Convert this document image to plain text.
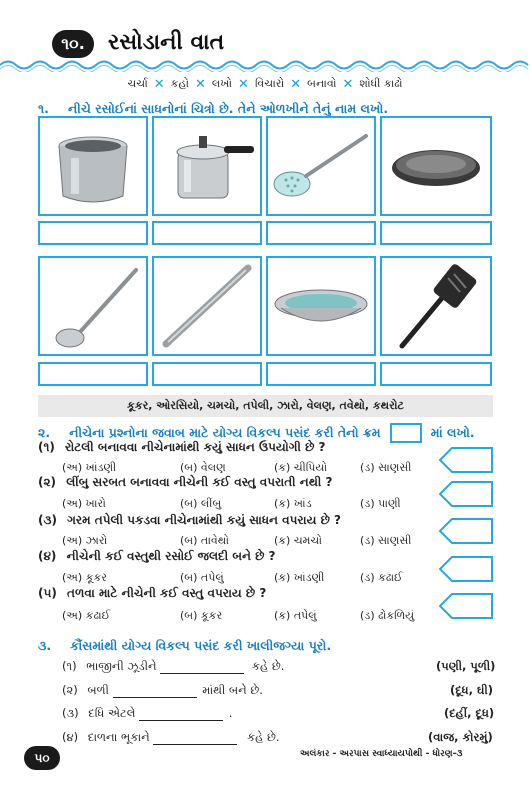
૧૦.	રસોડાની વાત
ચર્ચા ✕ કહો ✕ લખો ✕ વિચારો ✕ બનાવો ✕ શોધી કાઢો
૧. નીચે રસોઈનાં સાધનોનાં ચિત્રો છે. તેને ઓળખીને તેનું નામ લખો.
કૂકર, ઓરસિયો, ચમચો, તપેલી, ઝારો, વેલણ, તવેથો, કથરોટ
૨. નીચેના પ્રશ્નોના જવાબ માટે યોગ્ય વિકલ્પ પસંદ કરી તેનો ક્રમ	માં લખો.
(૧) રોટલી બનાવવા નીચેનામાંથી કયું સાધન ઉપયોગી છે ?
(અ) ખાંડણી	(બ) વેલણ	(ક) ચીપિયો	(ડ) સાણસી
(૨) લીંબુ સરબત બનાવવા નીચેની કઈ વસ્તુ વપરાતી નથી ?
(અ) ખારો	(બ) લીંબુ	(ક) ખાંડ	(ડ) પાણી
(૩) ગરમ તપેલી પકડવા નીચેનામાંથી કયું સાધન વપરાય છે ?
(અ) ઝારો	(બ) તાવેથો	(ક) ચમચો	(ડ) સાણસી
(૪) નીચેની કઈ વસ્તુથી રસોઈ જલદી બને છે ?
(અ) કૂકર	(બ) તપેલું	(ક) ખાંડણી	(ડ) કઢાઈ
(૫) તળવા માટે નીચેની કઈ વસ્તુ વપરાય છે ?
(અ) કઢાઈ	(બ) કૂકર	(ક) તપેલું	(ડ) ઢોકળિયું
૩. કૌંસમાંથી યોગ્ય વિકલ્પ પસંદ કરી ખાલીજગ્યા પૂરો.
(૧) ભાજીની ઝૂડીને	કહે છે.	(પણી, પૂળી)
(૨) બળી	માંથી બને છે.	(દૂધ, ઘી)
(૩) દધિ એટલે	.	(દહીં, દૂધ)
(૪) દાળના ભૂકાને	કહે છે.	(વાજ, કોરમું)
૫૦	અલંકાર - અરપાસ સ્વાધ્યાયપોથી - ધોરણ-૩
